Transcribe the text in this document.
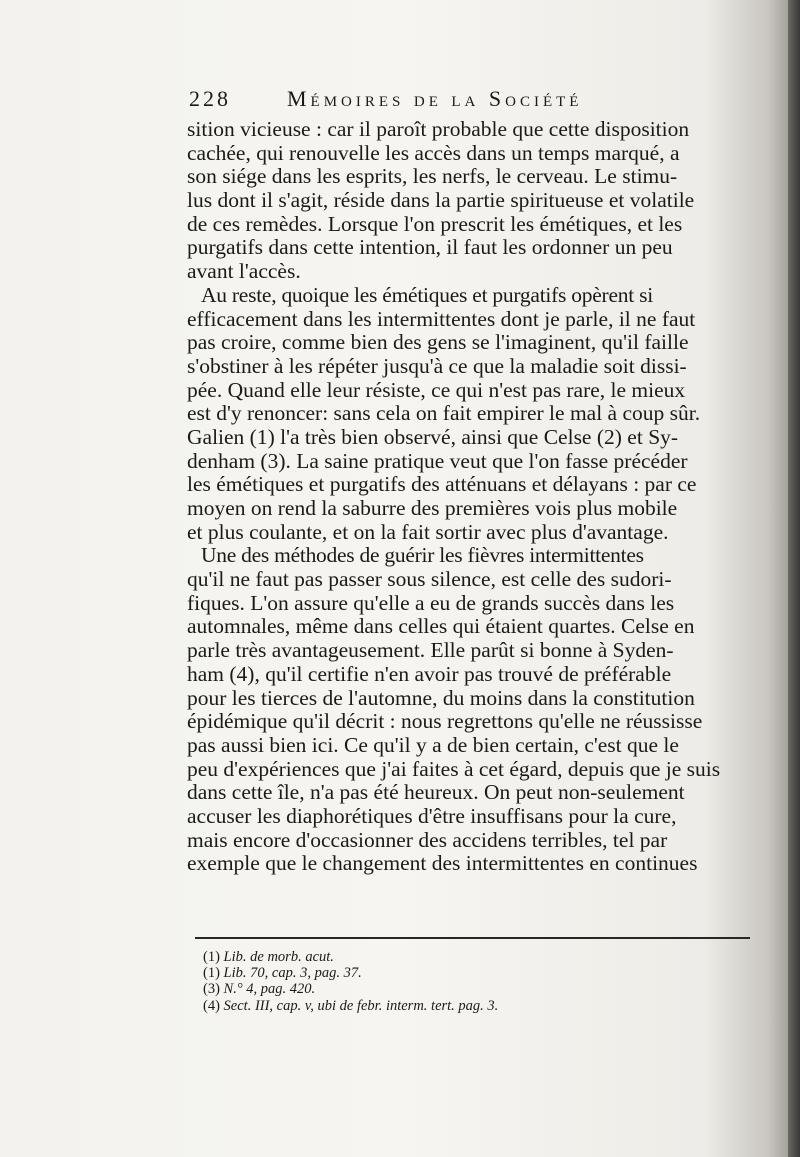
228	Mémoires de la Société
sition vicieuse : car il paroît probable que cette disposition
cachée, qui renouvelle les accès dans un temps marqué, a
son siége dans les esprits, les nerfs, le cerveau. Le stimu-
lus dont il s'agit, réside dans la partie spiritueuse et volatile
de ces remèdes. Lorsque l'on prescrit les émétiques, et les
purgatifs dans cette intention, il faut les ordonner un peu
avant l'accès.
Au reste, quoique les émétiques et purgatifs opèrent si
efficacement dans les intermittentes dont je parle, il ne faut
pas croire, comme bien des gens se l'imaginent, qu'il faille
s'obstiner à les répéter jusqu'à ce que la maladie soit dissi-
pée. Quand elle leur résiste, ce qui n'est pas rare, le mieux
est d'y renoncer: sans cela on fait empirer le mal à coup sûr.
Galien (1) l'a très bien observé, ainsi que Celse (2) et Sy-
denham (3). La saine pratique veut que l'on fasse précéder
les émétiques et purgatifs des atténuans et délayans : par ce
moyen on rend la saburre des premières vois plus mobile
et plus coulante, et on la fait sortir avec plus d'avantage.
Une des méthodes de guérir les fièvres intermittentes
qu'il ne faut pas passer sous silence, est celle des sudori-
fiques. L'on assure qu'elle a eu de grands succès dans les
automnales, même dans celles qui étaient quartes. Celse en
parle très avantageusement. Elle parût si bonne à Syden-
ham (4), qu'il certifie n'en avoir pas trouvé de préférable
pour les tierces de l'automne, du moins dans la constitution
épidémique qu'il décrit : nous regrettons qu'elle ne réussisse
pas aussi bien ici. Ce qu'il y a de bien certain, c'est que le
peu d'expériences que j'ai faites à cet égard, depuis que je suis
dans cette île, n'a pas été heureux. On peut non-seulement
accuser les diaphorétiques d'être insuffisans pour la cure,
mais encore d'occasionner des accidens terribles, tel par
exemple que le changement des intermittentes en continues
(1) Lib. de morb. acut.
(1) Lib. 70, cap. 3, pag. 37.
(3) N.° 4, pag. 420.
(4) Sect. III, cap. v, ubi de febr. interm. tert. pag. 3.
